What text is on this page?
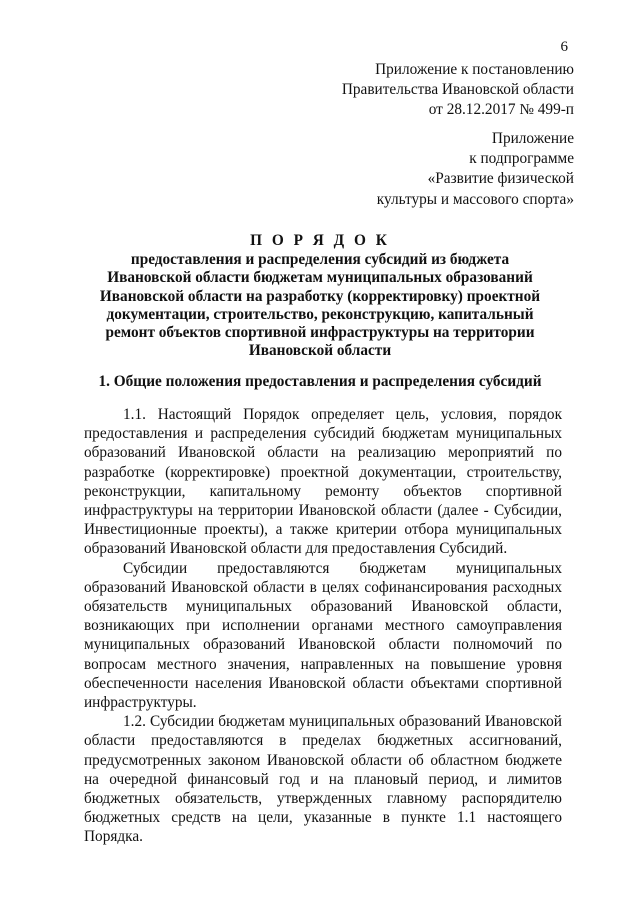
6
Приложение к постановлению
Правительства Ивановской области
от 28.12.2017 № 499-п
Приложение
к подпрограмме
«Развитие физической
культуры и массового спорта»
П О Р Я Д О К
предоставления и распределения субсидий из бюджета
Ивановской области бюджетам муниципальных образований
Ивановской области на разработку (корректировку) проектной
документации, строительство, реконструкцию, капитальный
ремонт объектов спортивной инфраструктуры на территории
Ивановской области
1. Общие положения предоставления и распределения субсидий

1.1. Настоящий Порядок определяет цель, условия, порядок предоставления и распределения субсидий бюджетам муниципальных образований Ивановской области на реализацию мероприятий по разработке (корректировке) проектной документации, строительству, реконструкции, капитальному ремонту объектов спортивной инфраструктуры на территории Ивановской области (далее - Субсидии, Инвестиционные проекты), а также критерии отбора муниципальных образований Ивановской области для предоставления Субсидий.

Субсидии предоставляются бюджетам муниципальных образований Ивановской области в целях софинансирования расходных обязательств муниципальных образований Ивановской области, возникающих при исполнении органами местного самоуправления муниципальных образований Ивановской области полномочий по вопросам местного значения, направленных на повышение уровня обеспеченности населения Ивановской области объектами спортивной инфраструктуры.

1.2. Субсидии бюджетам муниципальных образований Ивановской области предоставляются в пределах бюджетных ассигнований, предусмотренных законом Ивановской области об областном бюджете на очередной финансовый год и на плановый период, и лимитов бюджетных обязательств, утвержденных главному распорядителю бюджетных средств на цели, указанные в пункте 1.1 настоящего Порядка.
